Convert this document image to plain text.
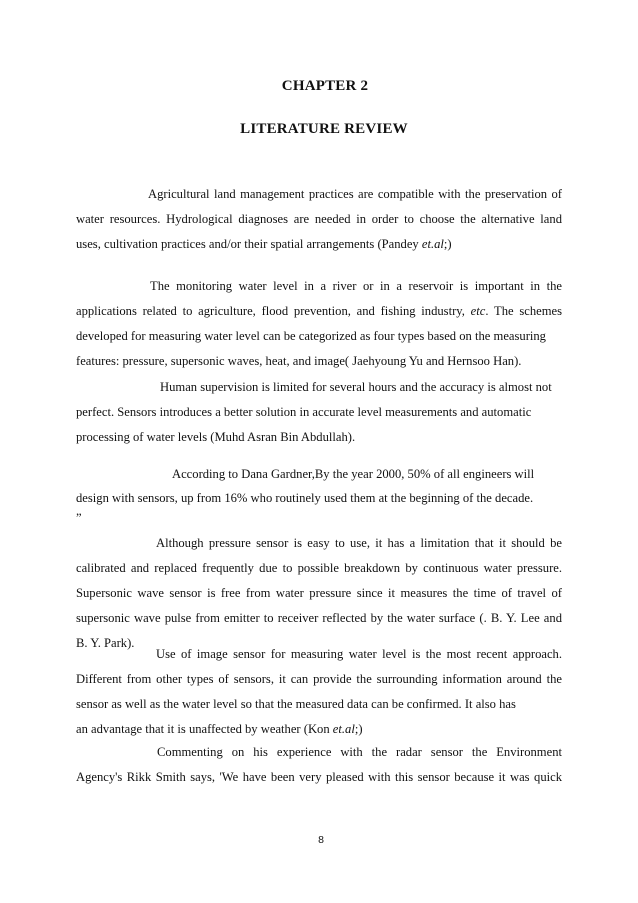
CHAPTER 2
LITERATURE REVIEW
Agricultural land management practices are compatible with the preservation of
water resources. Hydrological diagnoses are needed in order to choose the alternative land
uses, cultivation practices and/or their spatial arrangements (Pandey et.al;)
The monitoring water level in a river or in a reservoir is important in the
applications related to agriculture, flood prevention, and fishing industry, etc. The schemes
developed for measuring water level can be categorized as four types based on the measuring
features: pressure, supersonic waves, heat, and image( Jaehyoung Yu and Hernsoo Han).
Human supervision is limited for several hours and the accuracy is almost not
perfect. Sensors introduces a better solution in accurate level measurements and automatic
processing of water levels (Muhd Asran Bin Abdullah).
According to Dana Gardner,By the year 2000, 50% of all engineers will
design with sensors, up from 16% who routinely used them at the beginning of the decade.
”
Although pressure sensor is easy to use, it has a limitation that it should be
calibrated and replaced frequently due to possible breakdown by continuous water pressure.
Supersonic wave sensor is free from water pressure since it measures the time of travel of
supersonic wave pulse from emitter to receiver reflected by the water surface (. B. Y. Lee and
B. Y. Park).
Use of image sensor for measuring water level is the most recent approach.
Different from other types of sensors, it can provide the surrounding information around the
sensor as well as the water level so that the measured data can be confirmed. It also has
an advantage that it is unaffected by weather (Kon et.al;)
Commenting on his experience with the radar sensor the Environment
Agency's Rikk Smith says, 'We have been very pleased with this sensor because it was quick
8
